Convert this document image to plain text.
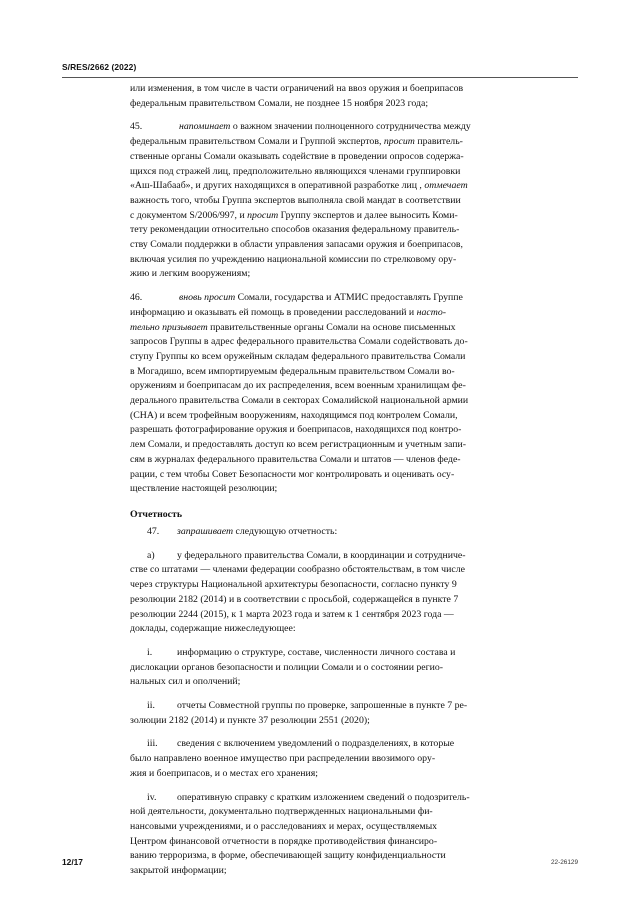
S/RES/2662 (2022)
или изменения, в том числе в части ограничений на ввоз оружия и боеприпасов
федеральным правительством Сомали, не позднее 15 ноября 2023 года;
45.	напоминает о важном значении полноценного сотрудничества между
федеральным правительством Сомали и Группой экспертов, просит правитель-
ственные органы Сомали оказывать содействие в проведении опросов содержа-
щихся под стражей лиц, предположительно являющихся членами группировки
«Аш-Шабааб», и других находящихся в оперативной разработке лиц , отмечает
важность того, чтобы Группа экспертов выполняла свой мандат в соответствии
с документом S/2006/997, и просит Группу экспертов и далее выносить Коми-
тету рекомендации относительно способов оказания федеральному правитель-
ству Сомали поддержки в области управления запасами оружия и боеприпасов,
включая усилия по учреждению национальной комиссии по стрелковому ору-
жию и легким вооружениям;
46.	вновь просит Сомали, государства и АТМИС предоставлять Группе
информацию и оказывать ей помощь в проведении расследований и насто-
тельно призывает правительственные органы Сомали на основе письменных
запросов Группы в адрес федерального правительства Сомали содействовать до-
ступу Группы ко всем оружейным складам федерального правительства Сомали
в Могадишо, всем импортируемым федеральным правительством Сомали во-
оружениям и боеприпасам до их распределения, всем военным хранилищам фе-
дерального правительства Сомали в секторах Сомалийской национальной армии
(СНА) и всем трофейным вооружениям, находящимся под контролем Сомали,
разрешать фотографирование оружия и боеприпасов, находящихся под контро-
лем Сомали, и предоставлять доступ ко всем регистрационным и учетным запи-
сям в журналах федерального правительства Сомали и штатов — членов феде-
рации, с тем чтобы Совет Безопасности мог контролировать и оценивать осу-
ществление настоящей резолюции;
Отчетность
47. запрашивает следующую отчетность:
a) у федерального правительства Сомали, в координации и сотрудниче-
стве со штатами — членами федерации сообразно обстоятельствам, в том числе
через структуры Национальной архитектуры безопасности, согласно пункту 9
резолюции 2182 (2014) и в соответствии с просьбой, содержащейся в пункте 7
резолюции 2244 (2015), к 1 марта 2023 года и затем к 1 сентября 2023 года —
доклады, содержащие нижеследующее:
i.	информацию о структуре, составе, численности личного состава и
дислокации органов безопасности и полиции Сомали и о состоянии регио-
нальных сил и ополчений;
ii. отчеты Совместной группы по проверке, запрошенные в пункте 7 ре-
золюции 2182 (2014) и пункте 37 резолюции 2551 (2020);
iii. сведения с включением уведомлений о подразделениях, в которые
было направлено военное имущество при распределении ввозимого ору-
жия и боеприпасов, и о местах его хранения;
iv. оперативную справку с кратким изложением сведений о подозритель-
ной деятельности, документально подтвержденных национальными фи-
нансовыми учреждениями, и о расследованиях и мерах, осуществляемых
Центром финансовой отчетности в порядке противодействия финансиро-
ванию терроризма, в форме, обеспечивающей защиту конфиденциальности
закрытой информации;
12/17	22-26129
